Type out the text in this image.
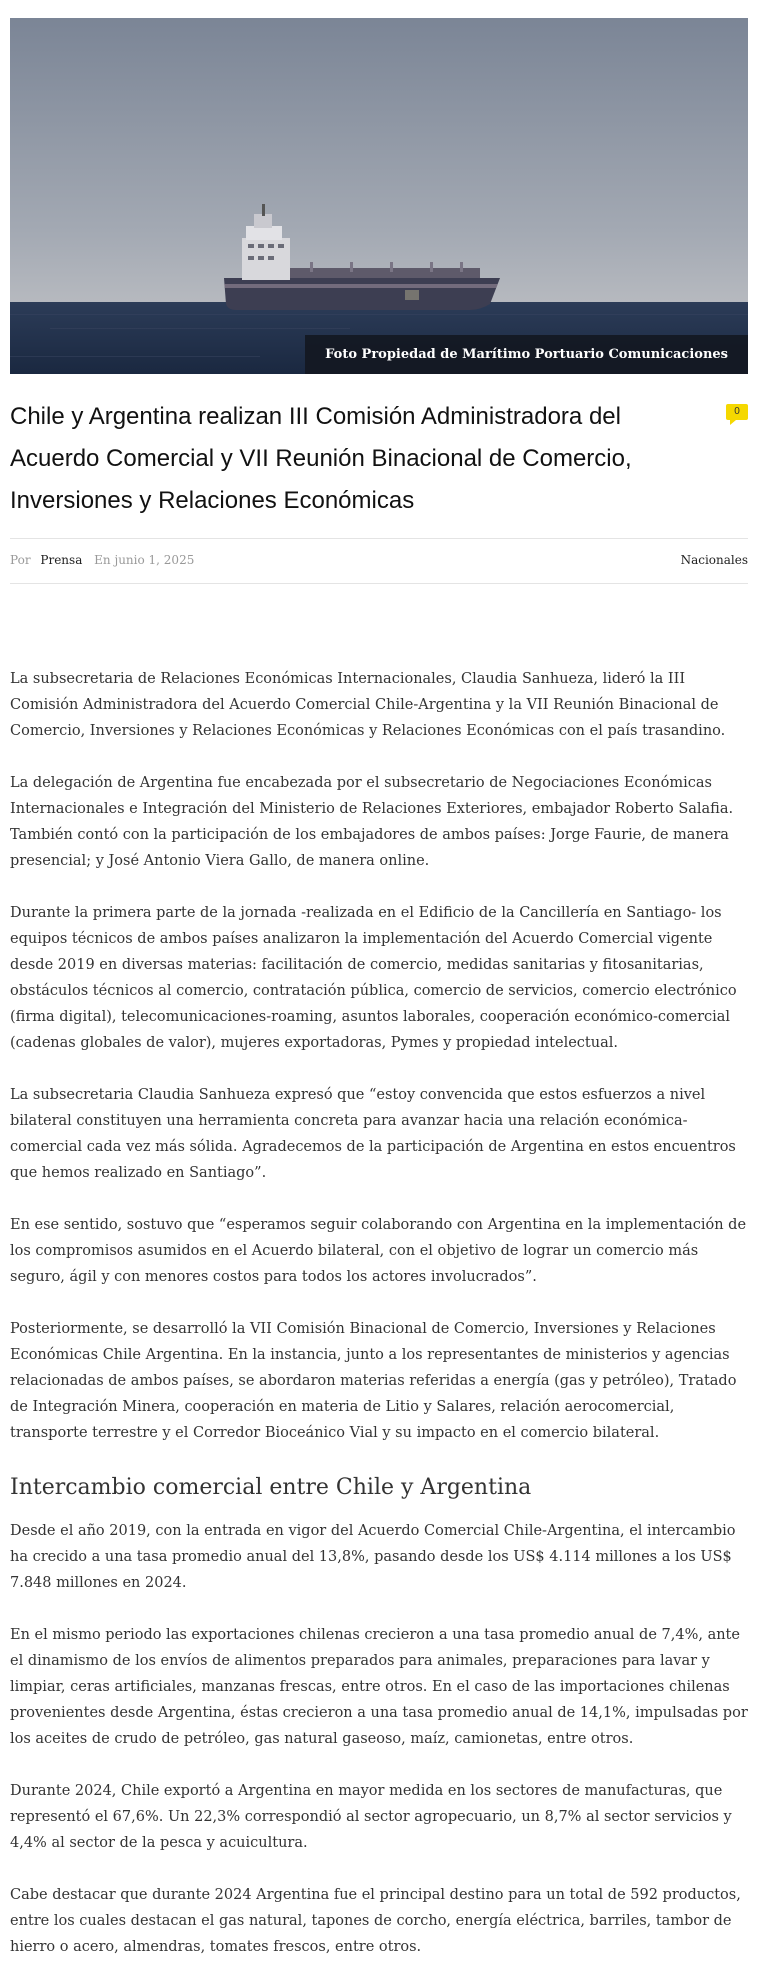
Foto Propiedad de Marítimo Portuario Comunicaciones
Chile y Argentina realizan III Comisión Administradora del Acuerdo Comercial y VII Reunión Binacional de Comercio, Inversiones y Relaciones Económicas
0
Por Prensa En junio 1, 2025	Nacionales

La subsecretaria de Relaciones Económicas Internacionales, Claudia Sanhueza, lideró la III Comisión Administradora del Acuerdo Comercial Chile-Argentina y la VII Reunión Binacional de Comercio, Inversiones y Relaciones Económicas y Relaciones Económicas con el país trasandino.

La delegación de Argentina fue encabezada por el subsecretario de Negociaciones Económicas Internacionales e Integración del Ministerio de Relaciones Exteriores, embajador Roberto Salafia. También contó con la participación de los embajadores de ambos países: Jorge Faurie, de manera presencial; y José Antonio Viera Gallo, de manera online.

Durante la primera parte de la jornada -realizada en el Edificio de la Cancillería en Santiago- los equipos técnicos de ambos países analizaron la implementación del Acuerdo Comercial vigente desde 2019 en diversas materias: facilitación de comercio, medidas sanitarias y fitosanitarias, obstáculos técnicos al comercio, contratación pública, comercio de servicios, comercio electrónico (firma digital), telecomunicaciones-roaming, asuntos laborales, cooperación económico-comercial (cadenas globales de valor), mujeres exportadoras, Pymes y propiedad intelectual.

La subsecretaria Claudia Sanhueza expresó que “estoy convencida que estos esfuerzos a nivel bilateral constituyen una herramienta concreta para avanzar hacia una relación económica-comercial cada vez más sólida. Agradecemos de la participación de Argentina en estos encuentros que hemos realizado en Santiago”.

En ese sentido, sostuvo que “esperamos seguir colaborando con Argentina en la implementación de los compromisos asumidos en el Acuerdo bilateral, con el objetivo de lograr un comercio más seguro, ágil y con menores costos para todos los actores involucrados”.

Posteriormente, se desarrolló la VII Comisión Binacional de Comercio, Inversiones y Relaciones Económicas Chile Argentina. En la instancia, junto a los representantes de ministerios y agencias relacionadas de ambos países, se abordaron materias referidas a energía (gas y petróleo), Tratado de Integración Minera, cooperación en materia de Litio y Salares, relación aerocomercial, transporte terrestre y el Corredor Bioceánico Vial y su impacto en el comercio bilateral.

Intercambio comercial entre Chile y Argentina

Desde el año 2019, con la entrada en vigor del Acuerdo Comercial Chile-Argentina, el intercambio ha crecido a una tasa promedio anual del 13,8%, pasando desde los US$ 4.114 millones a los US$ 7.848 millones en 2024.

En el mismo periodo las exportaciones chilenas crecieron a una tasa promedio anual de 7,4%, ante el dinamismo de los envíos de alimentos preparados para animales, preparaciones para lavar y limpiar, ceras artificiales, manzanas frescas, entre otros. En el caso de las importaciones chilenas provenientes desde Argentina, éstas crecieron a una tasa promedio anual de 14,1%, impulsadas por los aceites de crudo de petróleo, gas natural gaseoso, maíz, camionetas, entre otros.

Durante 2024, Chile exportó a Argentina en mayor medida en los sectores de manufacturas, que representó el 67,6%. Un 22,3% correspondió al sector agropecuario, un 8,7% al sector servicios y 4,4% al sector de la pesca y acuicultura.

Cabe destacar que durante 2024 Argentina fue el principal destino para un total de 592 productos, entre los cuales destacan el gas natural, tapones de corcho, energía eléctrica, barriles, tambor de hierro o acero, almendras, tomates frescos, entre otros.
